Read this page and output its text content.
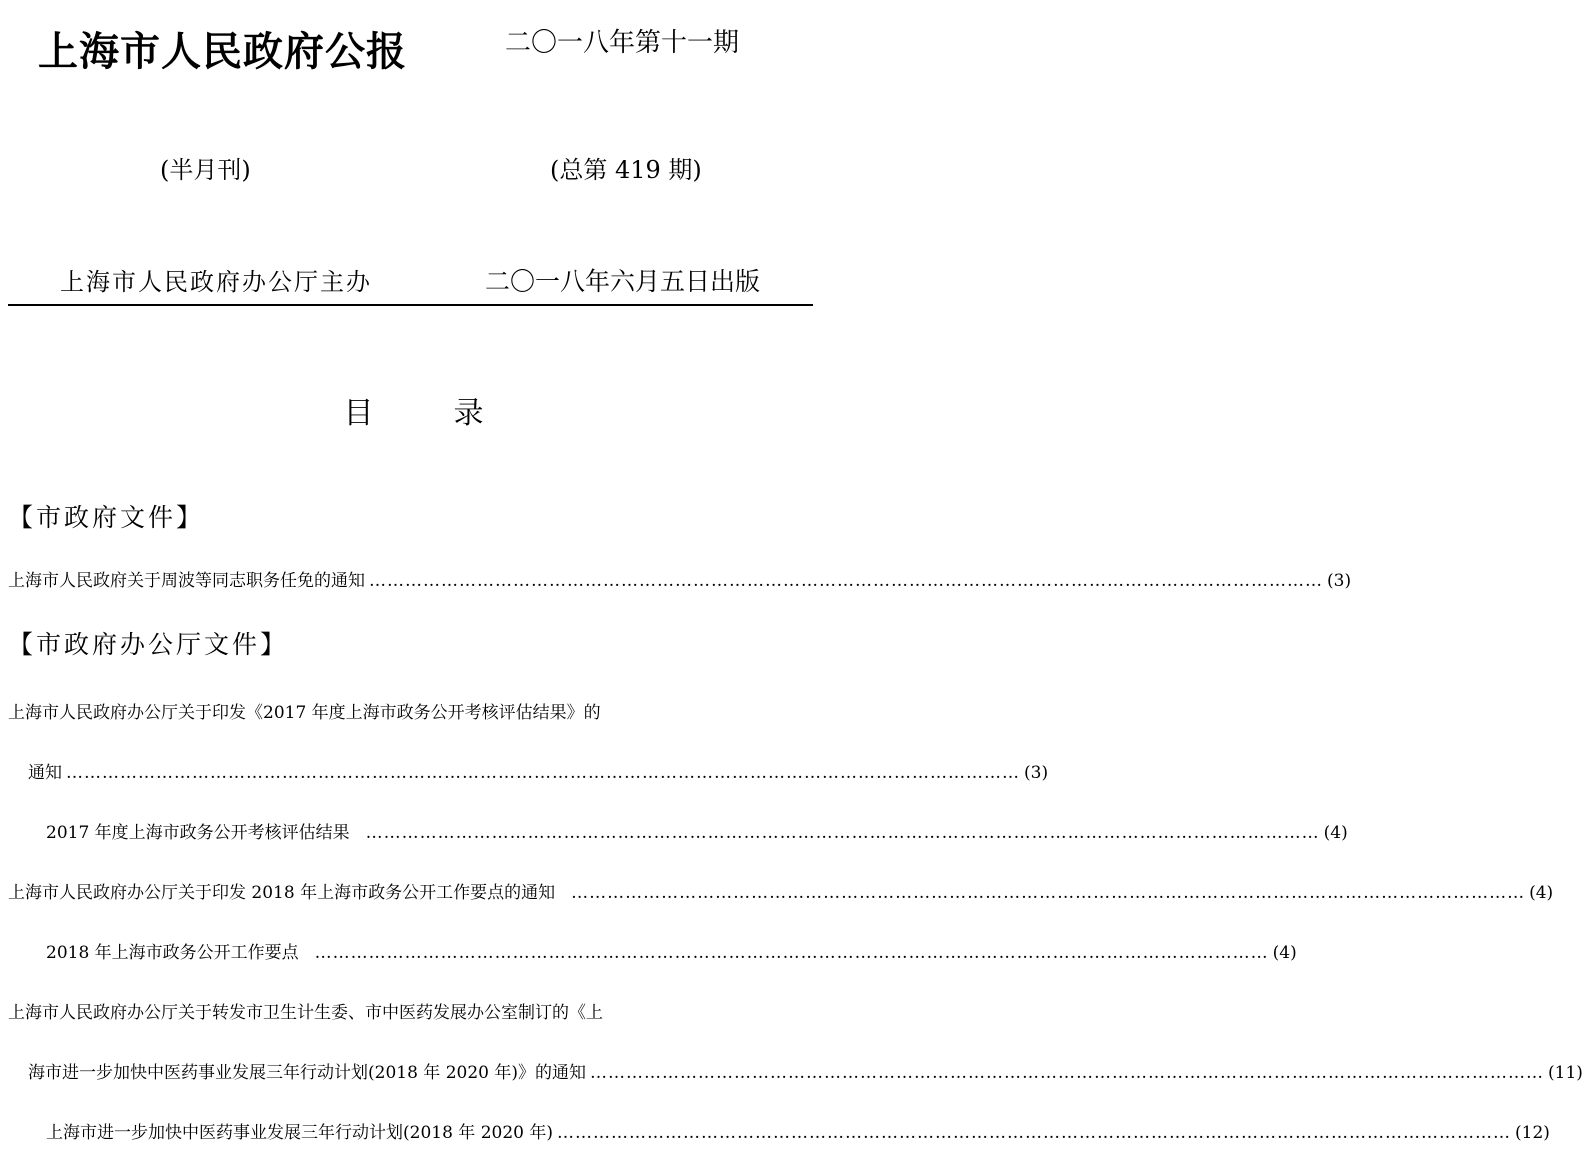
上海市人民政府公报	二〇一八年第十一期
(半月刊)	(总第 419 期)
上海市人民政府办公厅主办	二〇一八年六月五日出版
目	录
【市政府文件】
【市政府办公厅文件】
上海市人民政府关于周波等同志职务任免的通知 …………………………………………………………………………………………………………………………………………… (3)
上海市人民政府办公厅关于印发《2017 年度上海市政务公开考核评估结果》的
通知 …………………………………………………………………………………………………………………………………………… (3)
2017 年度上海市政务公开考核评估结果 …………………………………………………………………………………………………………………………………………… (4)
上海市人民政府办公厅关于印发 2018 年上海市政务公开工作要点的通知 …………………………………………………………………………………………………………………………………………… (4)
2018 年上海市政务公开工作要点 …………………………………………………………………………………………………………………………………………… (4)
上海市人民政府办公厅关于转发市卫生计生委、市中医药发展办公室制订的《上
海市进一步加快中医药事业发展三年行动计划(2018 年 2020 年)》的通知 …………………………………………………………………………………………………………………………………………… (11)
上海市进一步加快中医药事业发展三年行动计划(2018 年 2020 年) …………………………………………………………………………………………………………………………………………… (12)
